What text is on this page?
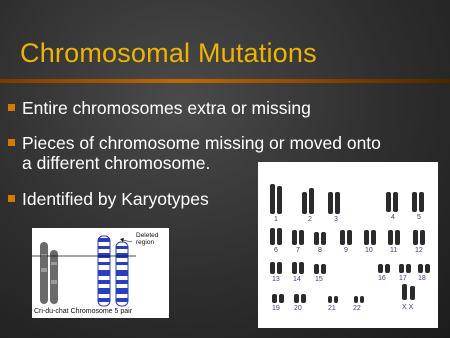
Chromosomal Mutations
Entire chromosomes extra or missing
Pieces of chromosome missing or moved onto
a different chromosome.
Identified by Karyotypes
Deleted
region
Cri-du-chat Chromosome 5 pair
1	2	3	4	5
6	7	8	9 10 11	12
13 14 15	16 17 18
19 20	21 22	X X
